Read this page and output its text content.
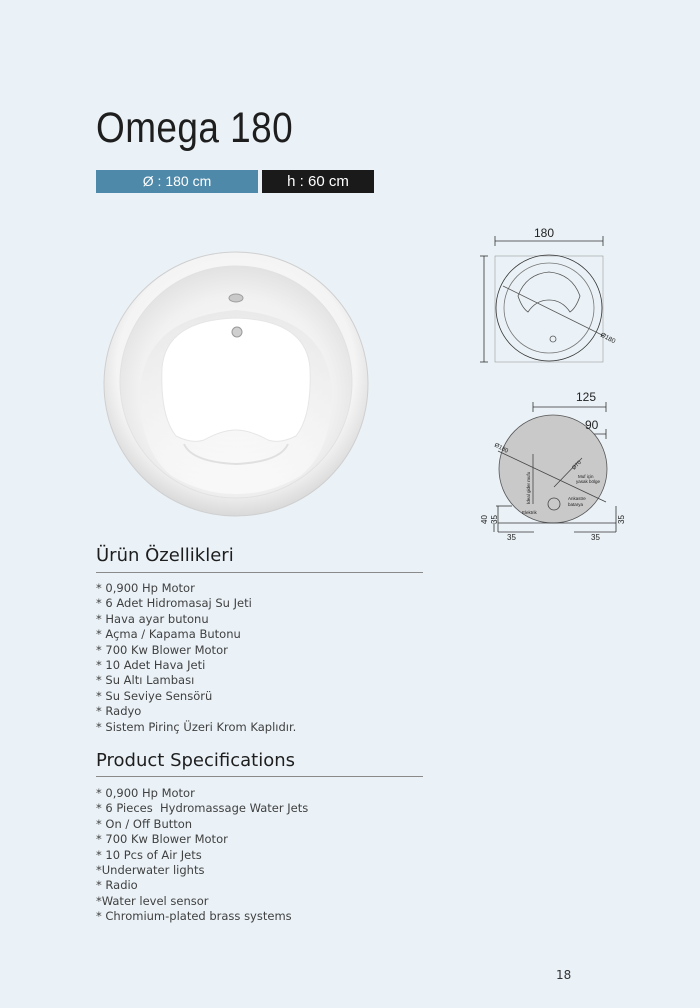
Omega 180
Ø : 180 cm	h : 60 cm
180
Ø180
125
90
Ø180
Ø70
İdeal gider mufu	Muf için
yasak bölge
Ankastre
batarya
Elektrik
40 35	35
35	35
Ürün Özellikleri
* 0,900 Hp Motor
* 6 Adet Hidromasaj Su Jeti
* Hava ayar butonu
* Açma / Kapama Butonu
* 700 Kw Blower Motor
* 10 Adet Hava Jeti
* Su Altı Lambası
* Su Seviye Sensörü
* Radyo
* Sistem Pirinç Üzeri Krom Kaplıdır.
Product Specifications
* 0,900 Hp Motor
* 6 Pieces  Hydromassage Water Jets
* On / Off Button
* 700 Kw Blower Motor
* 10 Pcs of Air Jets
*Underwater lights
* Radio
*Water level sensor
* Chromium-plated brass systems
18
